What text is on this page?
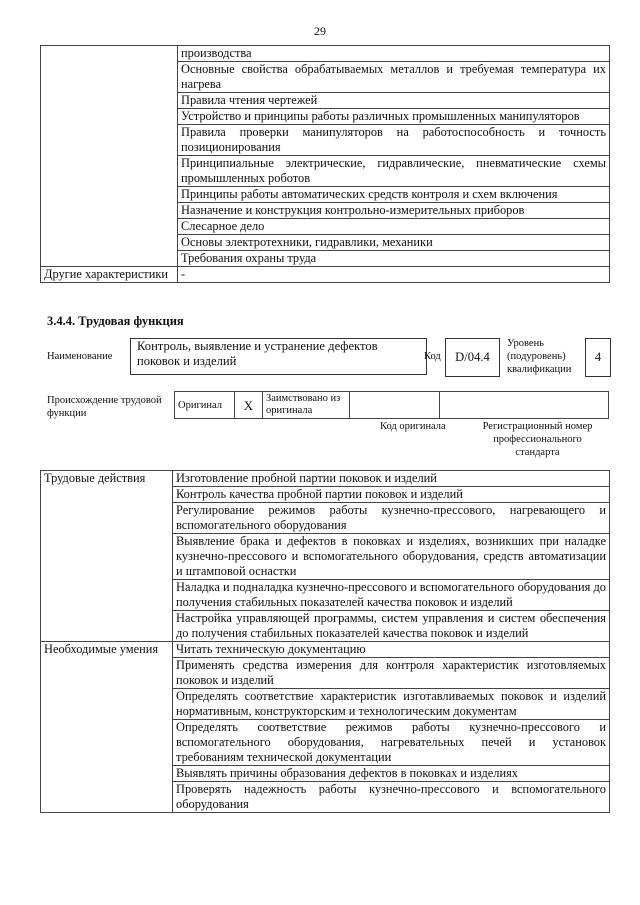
29
	производства
	Основные свойства обрабатываемых металлов и требуемая температура их нагрева
	Правила чтения чертежей
	Устройство и принципы работы различных промышленных манипуляторов
	Правила проверки манипуляторов на работоспособность и точность позиционирования
	Принципиальные электрические, гидравлические, пневматические схемы промышленных роботов
	Принципы работы автоматических средств контроля и схем включения
	Назначение и конструкция контрольно-измерительных приборов
	Слесарное дело
	Основы электротехники, гидравлики, механики
	Требования охраны труда
Другие характеристики	-
3.4.4. Трудовая функция
Наименование
Контроль, выявление и устранение дефектов поковок и изделий	Код	D/04.4
Уровень (подуровень) квалификации
4
Происхождение трудовой функции
Оригинал	X	Заимствовано из оригинала		
Код оригинала	Регистрационный номер профессионального стандарта
Трудовые действия	Изготовление пробной партии поковок и изделий
	Контроль качества пробной партии поковок и изделий
	Регулирование режимов работы кузнечно-прессового, нагревающего и вспомогательного оборудования
	Выявление брака и дефектов в поковках и изделиях, возникших при наладке кузнечно-прессового и вспомогательного оборудования, средств автоматизации и штамповой оснастки
	Наладка и подналадка кузнечно-прессового и вспомогательного оборудования до получения стабильных показателей качества поковок и изделий
	Настройка управляющей программы, систем управления и систем обеспечения до получения стабильных показателей качества поковок и изделий
Необходимые умения	Читать техническую документацию
	Применять средства измерения для контроля характеристик изготовляемых поковок и изделий
	Определять соответствие характеристик изготавливаемых поковок и изделий нормативным, конструкторским и технологическим документам
	Определять соответствие режимов работы кузнечно-прессового и вспомогательного оборудования, нагревательных печей и установок требованиям технической документации
	Выявлять причины образования дефектов в поковках и изделиях
	Проверять надежность работы кузнечно-прессового и вспомогательного оборудования
